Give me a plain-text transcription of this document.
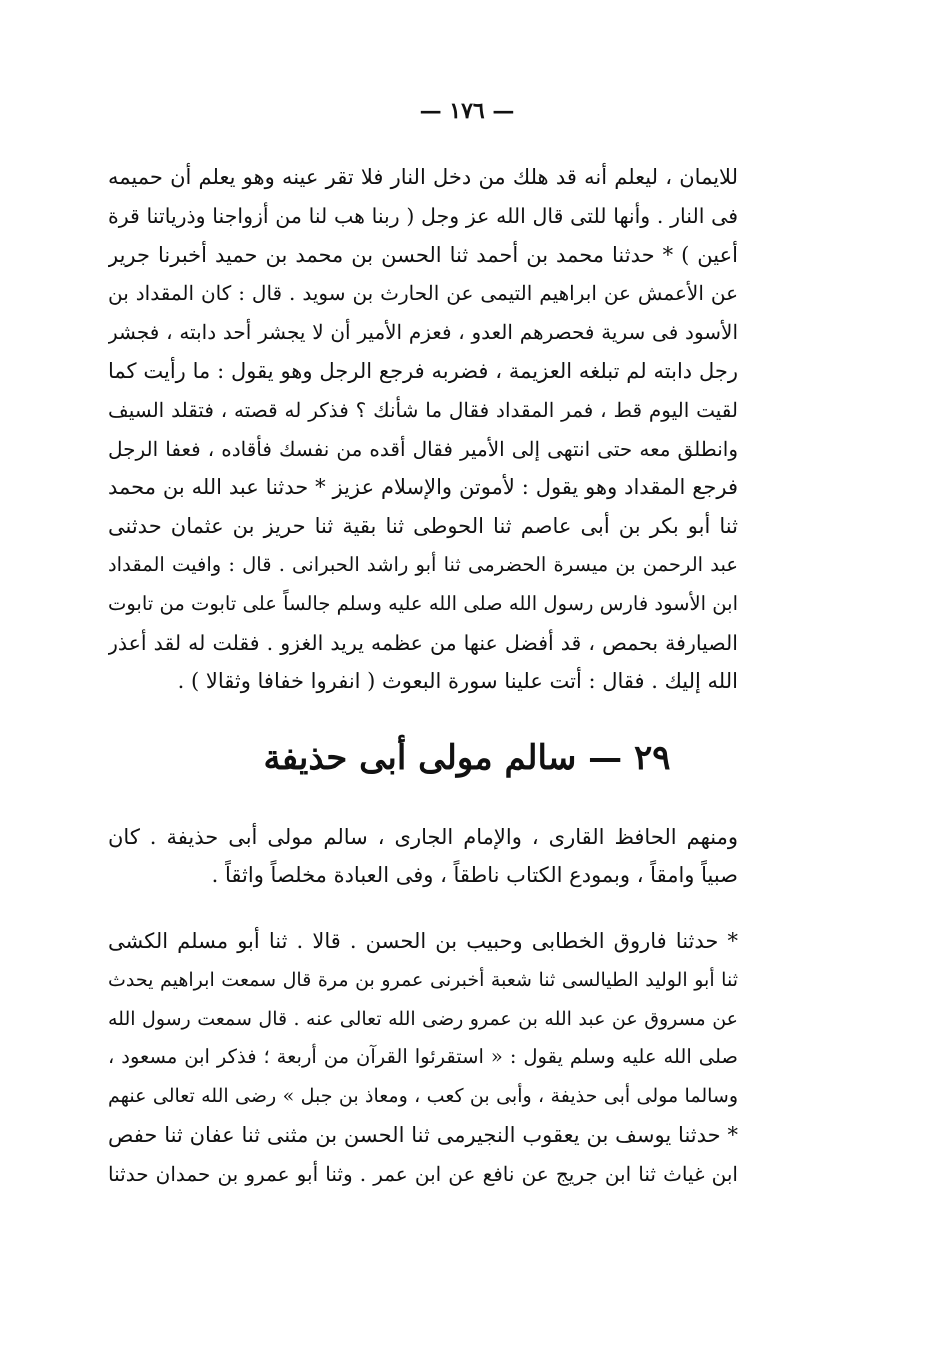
— ١٧٦ —
للايمان ، ليعلم أنه قد هلك من دخل النار فلا تقر عينه وهو يعلم أن حميمه
فى النار . وأنها للتى قال الله عز وجل ( ربنا هب لنا من أزواجنا وذرياتنا قرة
أعين ) * حدثنا محمد بن أحمد ثنا الحسن بن محمد بن حميد أخبرنا جرير
عن الأعمش عن ابراهيم التيمى عن الحارث بن سويد . قال : كان المقداد بن
الأسود فى سرية فحصرهم العدو ، فعزم الأمير أن لا يجشر أحد دابته ، فجشر
رجل دابته لم تبلغه العزيمة ، فضربه فرجع الرجل وهو يقول : ما رأيت كما
لقيت اليوم قط ، فمر المقداد فقال ما شأنك ؟ فذكر له قصته ، فتقلد السيف
وانطلق معه حتى انتهى إلى الأمير فقال أقده من نفسك فأقاده ، فعفا الرجل
فرجع المقداد وهو يقول : لأموتن والإسلام عزيز * حدثنا عبد الله بن محمد
ثنا أبو بكر بن أبى عاصم ثنا الحوطى ثنا بقية ثنا حريز بن عثمان حدثنى
عبد الرحمن بن ميسرة الحضرمى ثنا أبو راشد الحبرانى . قال : وافيت المقداد
ابن الأسود فارس رسول الله صلى الله عليه وسلم جالساً على تابوت من تابوت
الصيارفة بحمص ، قد أفضل عنها من عظمه يريد الغزو . فقلت له لقد أعذر
الله إليك . فقال : أتت علينا سورة البعوث ( انفروا خفافا وثقالا ) .
٢٩ — سالم مولى أبى حذيفة
ومنهم الحافظ القارى ، والإمام الجارى ، سالم مولى أبى حذيفة . كان
صبياً وامقاً ، وبمودع الكتاب ناطقاً ، وفى العبادة مخلصاً واثقاً .
* حدثنا فاروق الخطابى وحبيب بن الحسن . قالا . ثنا أبو مسلم الكشى
ثنا أبو الوليد الطيالسى ثنا شعبة أخبرنى عمرو بن مرة قال سمعت ابراهيم يحدث
عن مسروق عن عبد الله بن عمرو رضى الله تعالى عنه . قال سمعت رسول الله
صلى الله عليه وسلم يقول : « استقرئوا القرآن من أربعة ؛ فذكر ابن مسعود ،
وسالما مولى أبى حذيفة ، وأبى بن كعب ، ومعاذ بن جبل » رضى الله تعالى عنهم
* حدثنا يوسف بن يعقوب النجيرمى ثنا الحسن بن مثنى ثنا عفان ثنا حفص
ابن غياث ثنا ابن جريج عن نافع عن ابن عمر . وثنا أبو عمرو بن حمدان حدثنا
